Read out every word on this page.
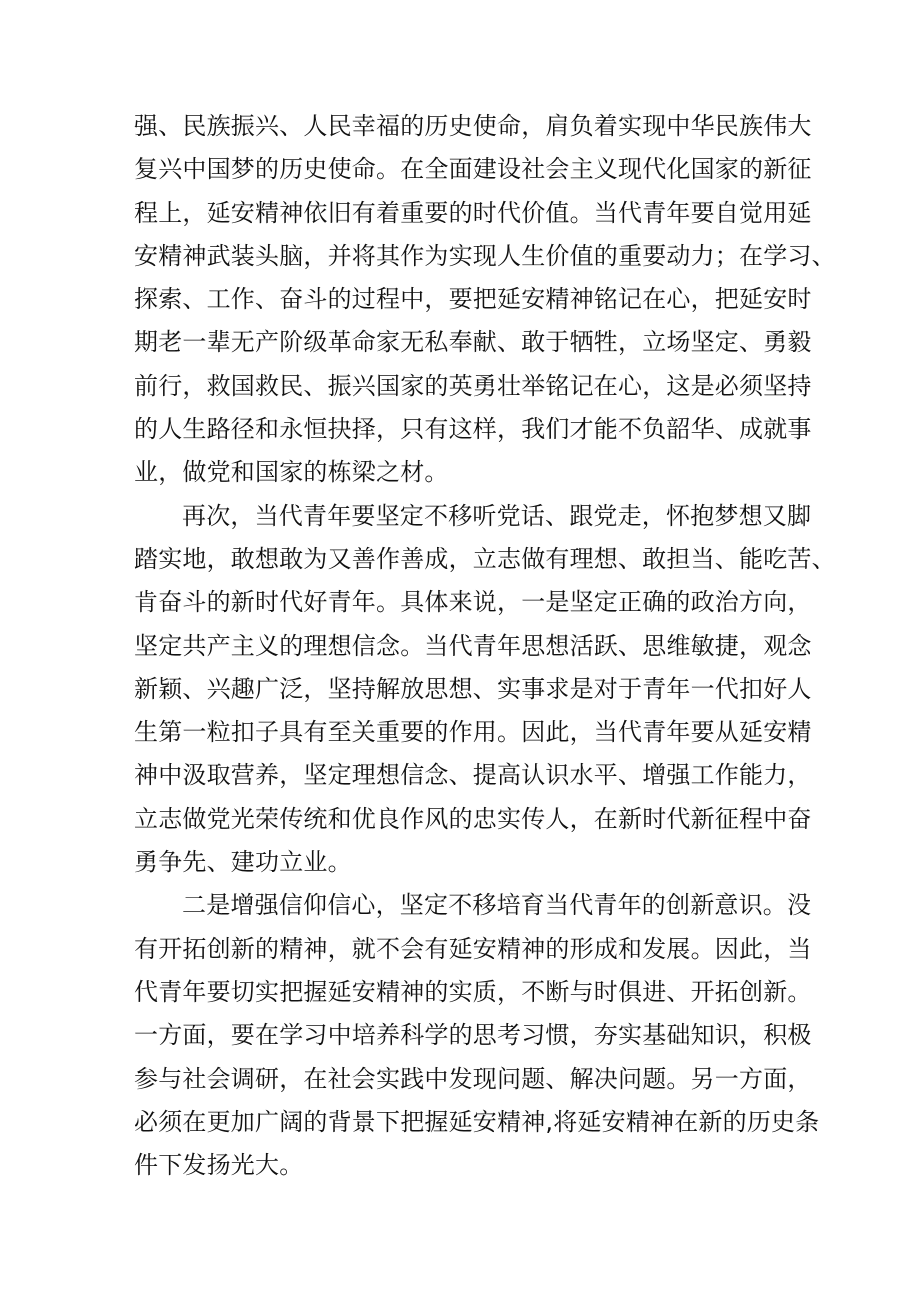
强、民族振兴、人民幸福的历史使命，肩负着实现中华民族伟大
复兴中国梦的历史使命。在全面建设社会主义现代化国家的新征
程上，延安精神依旧有着重要的时代价值。当代青年要自觉用延
安精神武装头脑，并将其作为实现人生价值的重要动力；在学习、
探索、工作、奋斗的过程中，要把延安精神铭记在心，把延安时
期老一辈无产阶级革命家无私奉献、敢于牺牲，立场坚定、勇毅
前行，救国救民、振兴国家的英勇壮举铭记在心，这是必须坚持
的人生路径和永恒抉择，只有这样，我们才能不负韶华、成就事
业，做党和国家的栋梁之材。
再次，当代青年要坚定不移听党话、跟党走，怀抱梦想又脚
踏实地，敢想敢为又善作善成，立志做有理想、敢担当、能吃苦、
肯奋斗的新时代好青年。具体来说，一是坚定正确的政治方向，
坚定共产主义的理想信念。当代青年思想活跃、思维敏捷，观念
新颖、兴趣广泛，坚持解放思想、实事求是对于青年一代扣好人
生第一粒扣子具有至关重要的作用。因此，当代青年要从延安精
神中汲取营养，坚定理想信念、提高认识水平、增强工作能力，
立志做党光荣传统和优良作风的忠实传人，在新时代新征程中奋
勇争先、建功立业。
二是增强信仰信心，坚定不移培育当代青年的创新意识。没
有开拓创新的精神，就不会有延安精神的形成和发展。因此，当
代青年要切实把握延安精神的实质，不断与时俱进、开拓创新。
一方面，要在学习中培养科学的思考习惯，夯实基础知识，积极
参与社会调研，在社会实践中发现问题、解决问题。另一方面，
必须在更加广阔的背景下把握延安精神,将延安精神在新的历史条
件下发扬光大。
